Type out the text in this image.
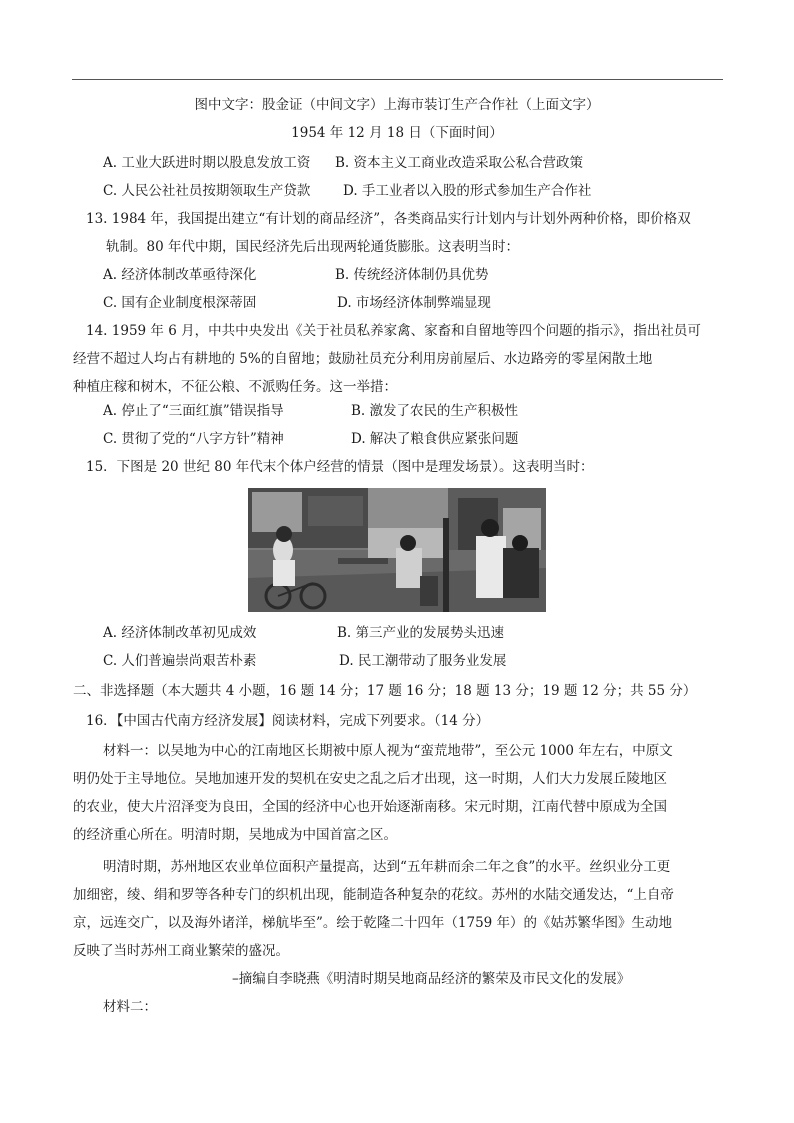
图中文字：股金证（中间文字）上海市装订生产合作社（上面文字）
1954 年 12 月 18 日（下面时间）
A. 工业大跃进时期以股息发放工资 B. 资本主义工商业改造采取公私合营政策
C. 人民公社社员按期领取生产贷款 D. 手工业者以入股的形式参加生产合作社
13. 1984 年，我国提出建立“有计划的商品经济”，各类商品实行计划内与计划外两种价格，即价格双
轨制。80 年代中期，国民经济先后出现两轮通货膨胀。这表明当时：
A. 经济体制改革亟待深化	B. 传统经济体制仍具优势
C. 国有企业制度根深蒂固	D. 市场经济体制弊端显现
14. 1959 年 6 月，中共中央发出《关于社员私养家禽、家畜和自留地等四个问题的指示》，指出社员可
经营不超过人均占有耕地的 5%的自留地；鼓励社员充分利用房前屋后、水边路旁的零星闲散土地
种植庄稼和树木，不征公粮、不派购任务。这一举措：
A. 停止了“三面红旗”错误指导	B. 激发了农民的生产积极性
C. 贯彻了党的“八字方针”精神	D. 解决了粮食供应紧张问题
15．下图是 20 世纪 80 年代末个体户经营的情景（图中是理发场景）。这表明当时：
A. 经济体制改革初见成效	B. 第三产业的发展势头迅速
C. 人们普遍崇尚艰苦朴素	D. 民工潮带动了服务业发展
二、非选择题（本大题共 4 小题，16 题 14 分；17 题 16 分；18 题 13 分；19 题 12 分；共 55 分）
16．【中国古代南方经济发展】阅读材料，完成下列要求。（14 分）
材料一：以吴地为中心的江南地区长期被中原人视为“蛮荒地带”，至公元 1000 年左右，中原文
明仍处于主导地位。吴地加速开发的契机在安史之乱之后才出现，这一时期，人们大力发展丘陵地区
的农业，使大片沼泽变为良田，全国的经济中心也开始逐渐南移。宋元时期，江南代替中原成为全国
的经济重心所在。明清时期，吴地成为中国首富之区。
明清时期，苏州地区农业单位面积产量提高，达到“五年耕而余二年之食”的水平。丝织业分工更
加细密，绫、绢和罗等各种专门的织机出现，能制造各种复杂的花纹。苏州的水陆交通发达，“上自帝
京，远连交广，以及海外诸洋，梯航毕至”。绘于乾隆二十四年（1759 年）的《姑苏繁华图》生动地
反映了当时苏州工商业繁荣的盛况。
–摘编自李晓燕《明清时期吴地商品经济的繁荣及市民文化的发展》
材料二：
